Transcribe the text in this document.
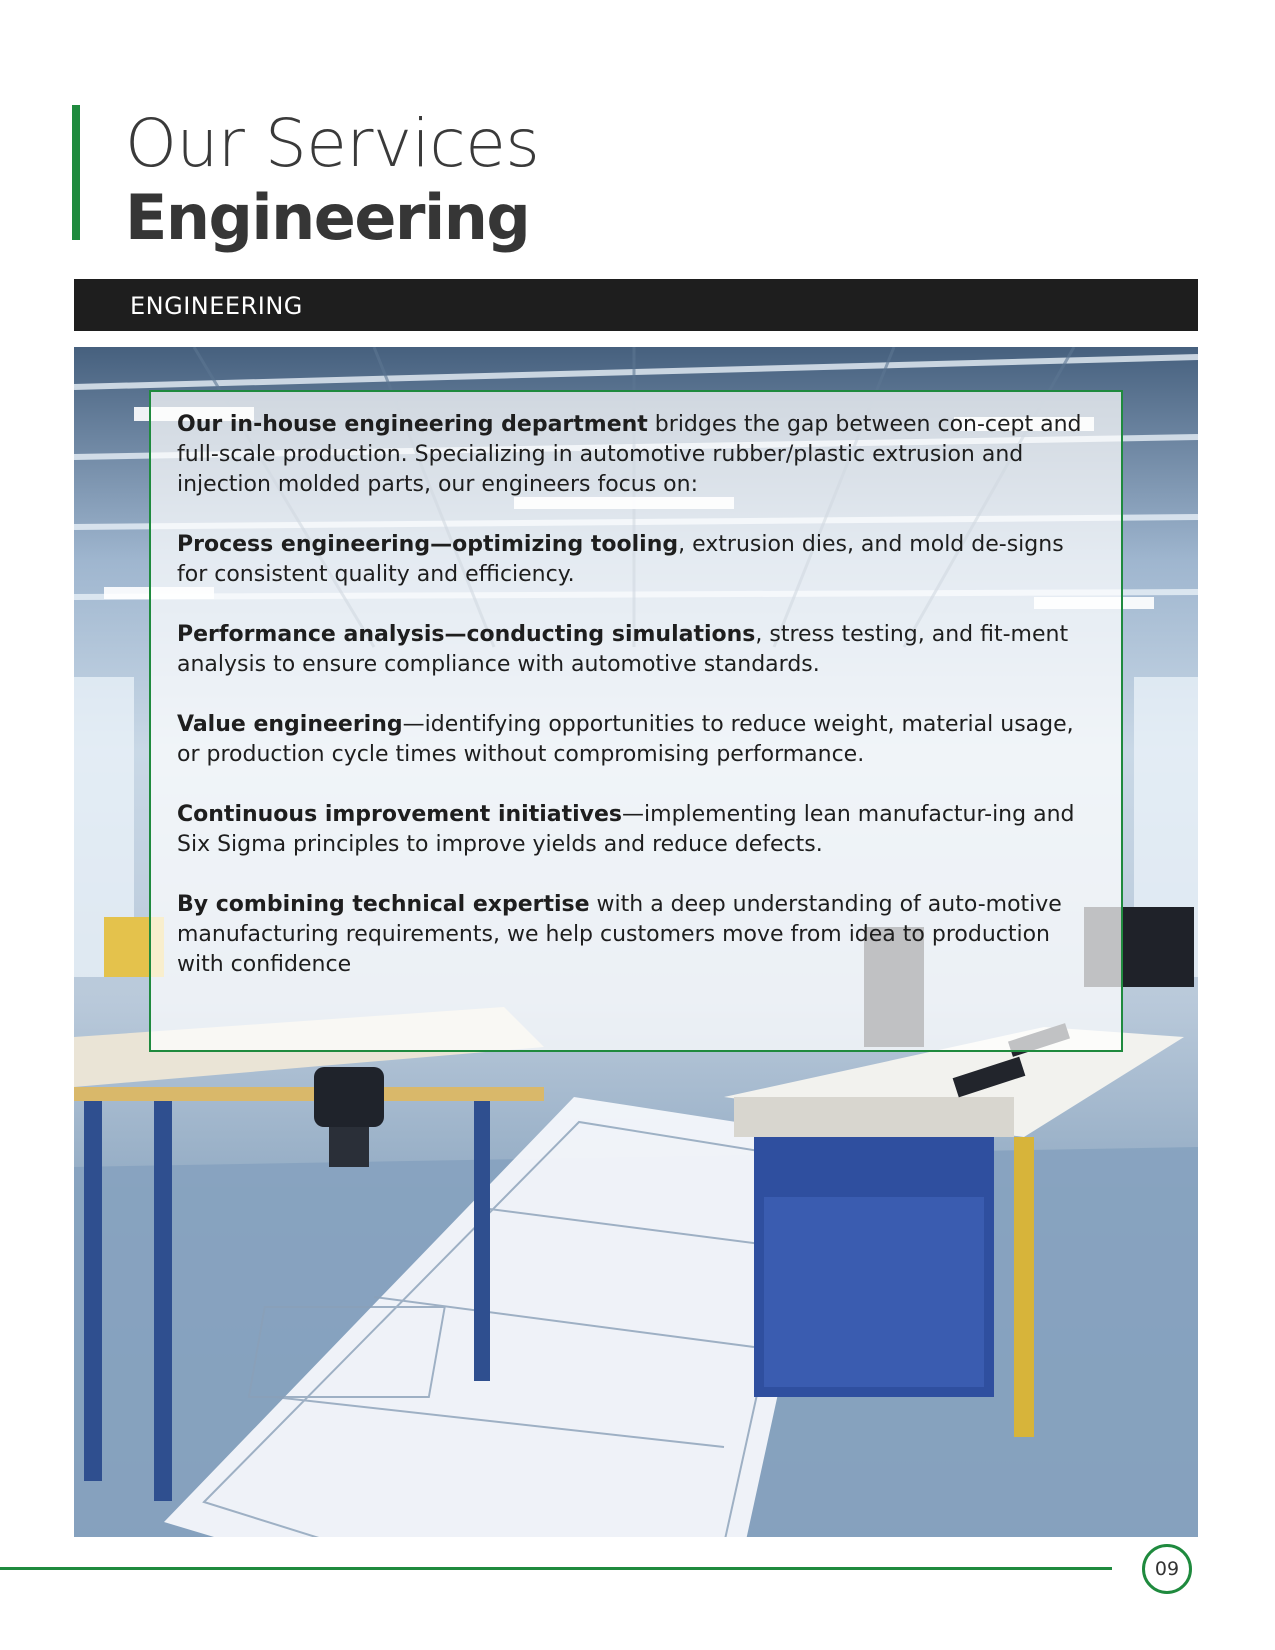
Our Services
Engineering
ENGINEERING

Our in-house engineering department bridges the gap between con-cept and full-scale production. Specializing in automotive rubber/plastic extrusion and injection molded parts, our engineers focus on:

Process engineering—optimizing tooling, extrusion dies, and mold de-signs for consistent quality and efficiency.

Performance analysis—conducting simulations, stress testing, and fit-ment analysis to ensure compliance with automotive standards.

Value engineering—identifying opportunities to reduce weight, material usage, or production cycle times without compromising performance.

Continuous improvement initiatives—implementing lean manufactur-ing and Six Sigma principles to improve yields and reduce defects.

By combining technical expertise with a deep understanding of auto-motive manufacturing requirements, we help customers move from idea to production with confidence

09
